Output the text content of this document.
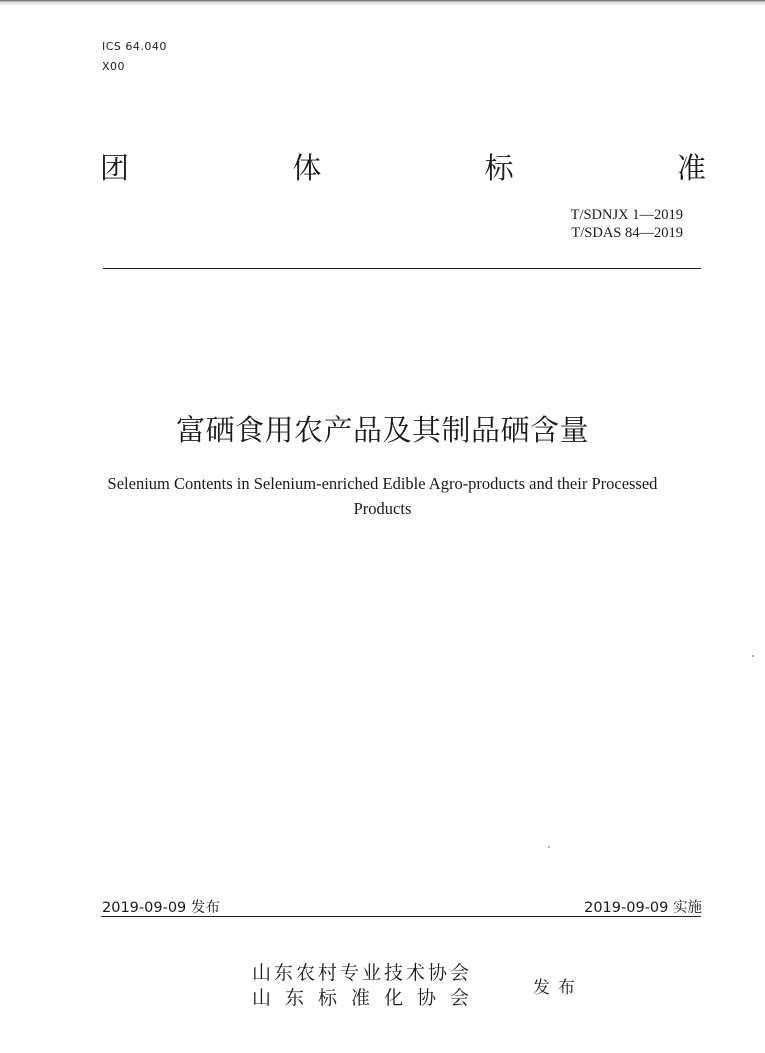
ICS 64.040
X00
团	体	标	准
T/SDNJX 1—2019
T/SDAS 84—2019
富硒食用农产品及其制品硒含量
Selenium Contents in Selenium-enriched Edible Agro-products and their Processed
Products
2019-09-09 发布	2019-09-09 实施
山东农村专业技术协会
山东标准化协会	发布
